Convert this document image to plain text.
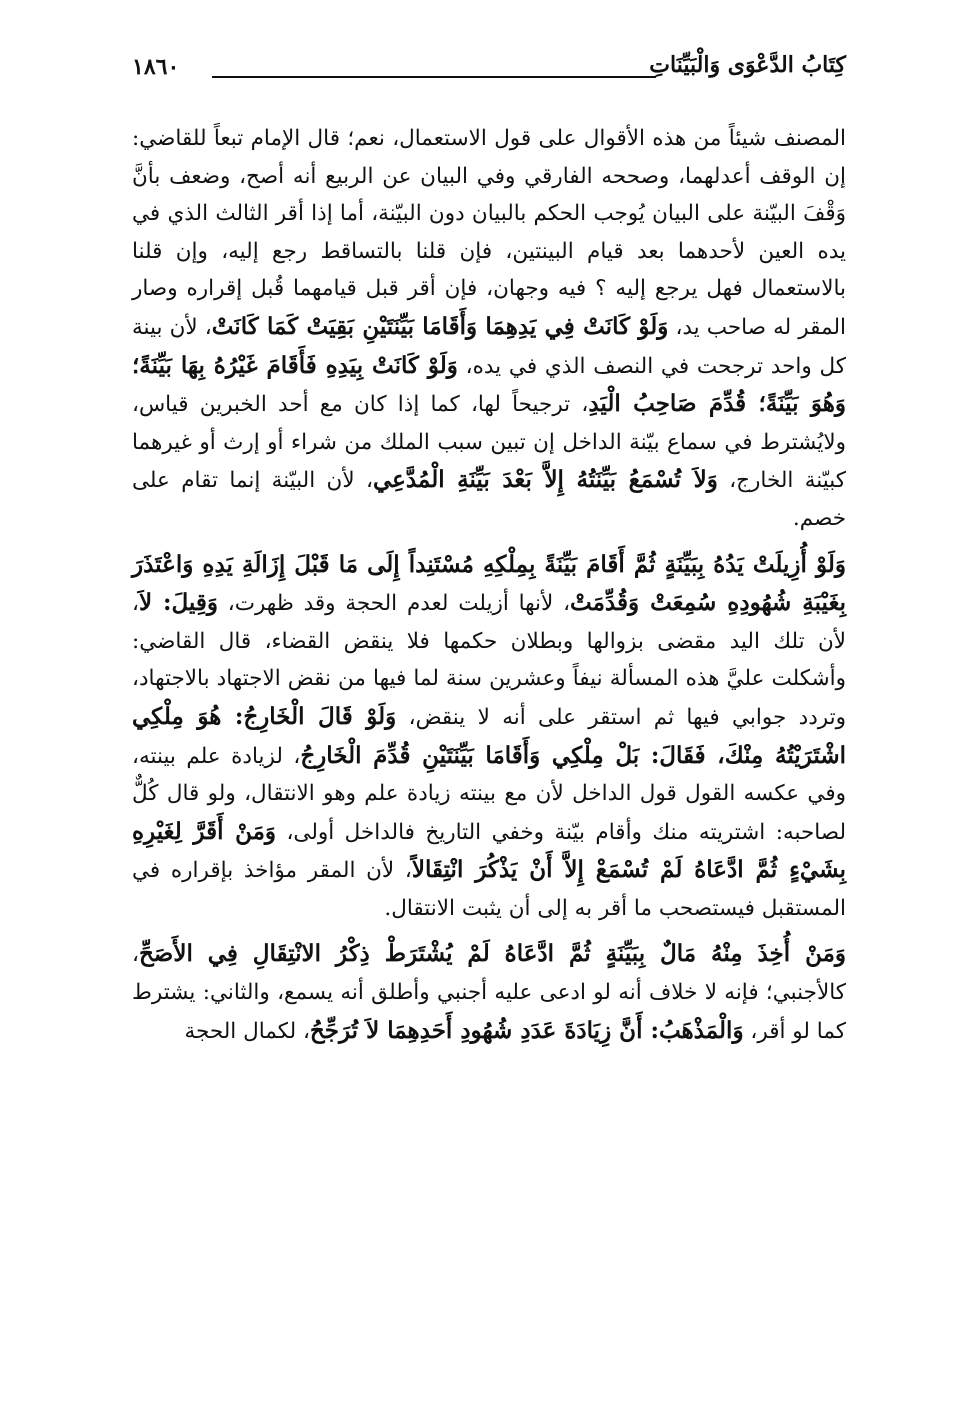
كِتَابُ الدَّعْوَى وَالْبَيِّنَاتِ
١٨٦٠

المصنف شيئاً من هذه الأقوال على قول الاستعمال، نعم؛ قال الإمام تبعاً للقاضي: إن الوقف أعدلهما، وصححه الفارقي وفي البيان عن الربيع أنه أصح، وضعف بأنَّ وَقْفَ البيّنة على البيان يُوجب الحكم بالبيان دون البيّنة، أما إذا أقر الثالث الذي في يده العين لأحدهما بعد قيام البينتين، فإن قلنا بالتساقط رجع إليه، وإن قلنا بالاستعمال فهل يرجع إليه ؟ فيه وجهان، فإن أقر قبل قيامهما قُبل إقراره وصار المقر له صاحب يد، وَلَوْ كَانَتْ فِي يَدِهِمَا وَأَقَامَا بَيِّنَتَيْنِ بَقِيَتْ كَمَا كَانَتْ، لأن بينة كل واحد ترجحت في النصف الذي في يده، وَلَوْ كَانَتْ بِيَدِهِ فَأَقَامَ غَيْرُهُ بِهَا بَيِّنَةً؛ وَهُوَ بَيِّنَةً؛ قُدِّمَ صَاحِبُ الْيَدِ، ترجيحاً لها، كما إذا كان مع أحد الخبرين قياس، ولايُشترط في سماع بيّنة الداخل إن تبين سبب الملك من شراء أو إرث أو غيرهما كبيّنة الخارج، وَلاَ تُسْمَعُ بَيِّنَتُهُ إِلاَّ بَعْدَ بَيِّنَةِ الْمُدَّعِي، لأن البيّنة إنما تقام على خصم.

وَلَوْ أُزِيلَتْ يَدُهُ بِبَيِّنَةٍ ثُمَّ أَقَامَ بَيِّنَةً بِمِلْكِهِ مُسْتَنِداً إِلَى مَا قَبْلَ إِزَالَةِ يَدِهِ وَاعْتَذَرَ بِغَيْبَةِ شُهُودِهِ سُمِعَتْ وَقُدِّمَتْ، لأنها أزيلت لعدم الحجة وقد ظهرت، وَقِيلَ: لاَ، لأن تلك اليد مقضى بزوالها وبطلان حكمها فلا ينقض القضاء، قال القاضي: وأشكلت عليَّ هذه المسألة نيفاً وعشرين سنة لما فيها من نقض الاجتهاد بالاجتهاد، وتردد جوابي فيها ثم استقر على أنه لا ينقض، وَلَوْ قَالَ الْخَارِجُ: هُوَ مِلْكِي اشْتَرَيْتُهُ مِنْكَ، فَقَالَ: بَلْ مِلْكِي وَأَقَامَا بَيِّنَتَيْنِ قُدِّمَ الْخَارِجُ، لزيادة علم بينته، وفي عكسه القول قول الداخل لأن مع بينته زيادة علم وهو الانتقال، ولو قال كُلٌّ لصاحبه: اشتريته منك وأقام بيّنة وخفي التاريخ فالداخل أولى، وَمَنْ أَقَرَّ لِغَيْرِهِ بِشَيْءٍ ثُمَّ ادَّعَاهُ لَمْ تُسْمَعْ إِلاَّ أَنْ يَذْكُرَ انْتِقَالاً، لأن المقر مؤاخذ بإقراره في المستقبل فيستصحب ما أقر به إلى أن يثبت الانتقال.

وَمَنْ أُخِذَ مِنْهُ مَالٌ بِبَيِّنَةٍ ثُمَّ ادَّعَاهُ لَمْ يُشْتَرَطْ ذِكْرُ الانْتِقَالِ فِي الأَصَحِّ، كالأجنبي؛ فإنه لا خلاف أنه لو ادعى عليه أجنبي وأطلق أنه يسمع، والثاني: يشترط كما لو أقر، وَالْمَذْهَبُ: أَنَّ زِيَادَةَ عَدَدِ شُهُودِ أَحَدِهِمَا لاَ تُرَجِّحُ، لكمال الحجة
